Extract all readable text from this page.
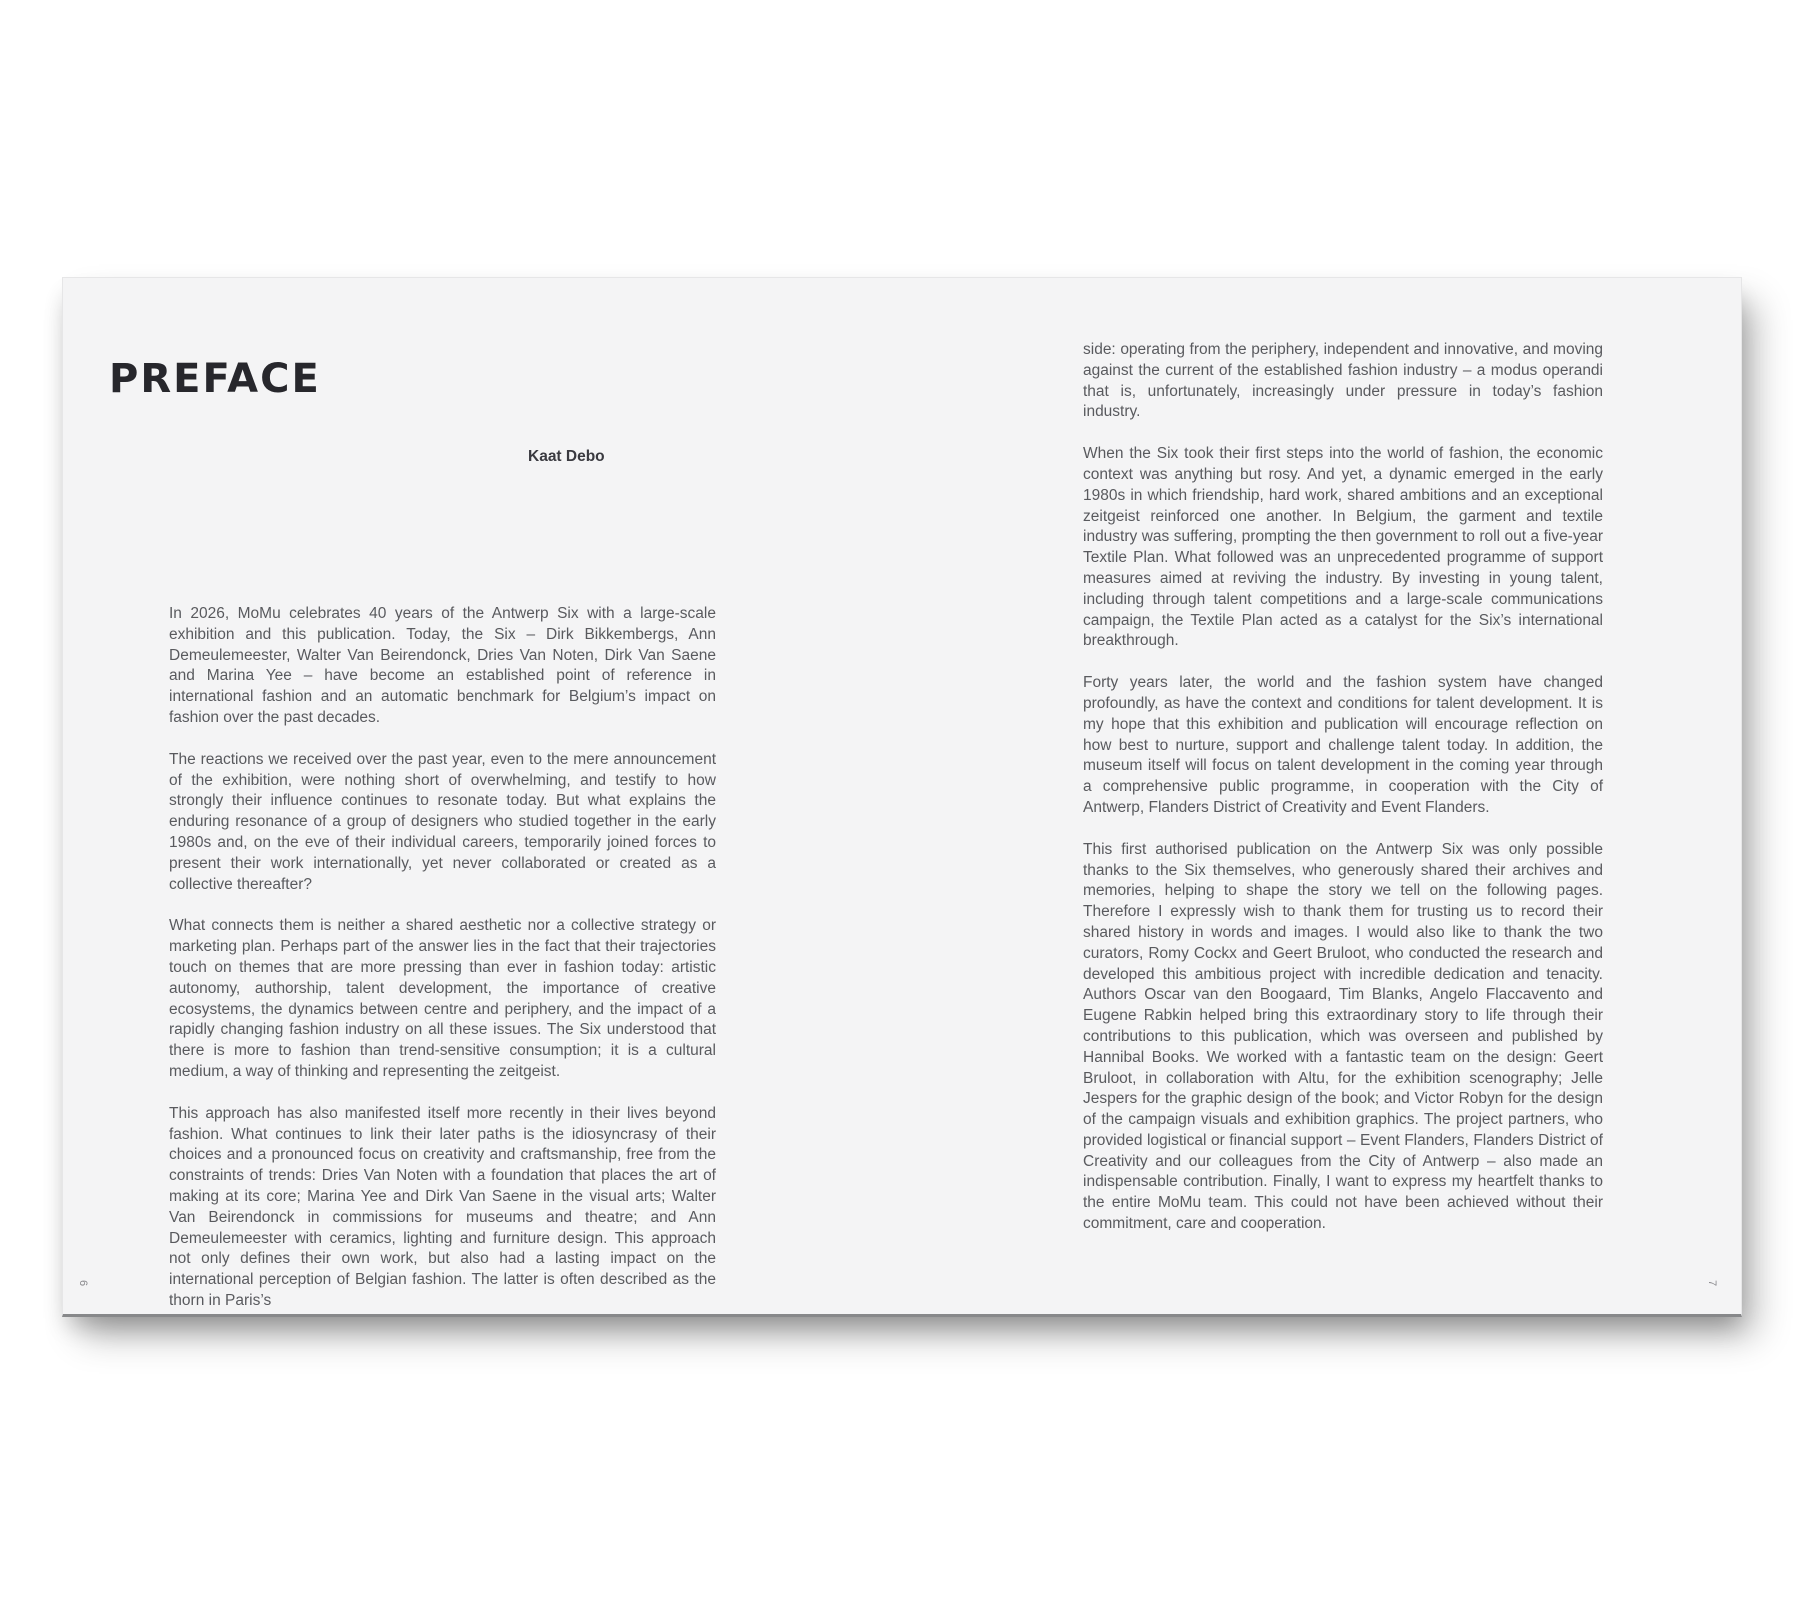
PREFACE
Kaat Debo

In 2026, MoMu celebrates 40 years of the Antwerp Six with a large-scale exhibition and this publication. Today, the Six – Dirk Bikkembergs, Ann Demeulemeester, Walter Van Beirendonck, Dries Van Noten, Dirk Van Saene and Marina Yee – have become an established point of reference in international fashion and an automatic benchmark for Belgium’s impact on fashion over the past decades.

The reactions we received over the past year, even to the mere announcement of the exhibition, were nothing short of overwhelming, and testify to how strongly their influence continues to resonate today. But what explains the enduring resonance of a group of designers who studied together in the early 1980s and, on the eve of their individual careers, temporarily joined forces to present their work internationally, yet never collaborated or created as a collective thereafter?

What connects them is neither a shared aesthetic nor a collective strategy or marketing plan. Perhaps part of the answer lies in the fact that their trajectories touch on themes that are more pressing than ever in fashion today: artistic autonomy, authorship, talent development, the importance of creative ecosystems, the dynamics between centre and periphery, and the impact of a rapidly changing fashion industry on all these issues. The Six understood that there is more to fashion than trend-sensitive consumption; it is a cultural medium, a way of thinking and representing the zeitgeist.

This approach has also manifested itself more recently in their lives beyond fashion. What continues to link their later paths is the idiosyncrasy of their choices and a pronounced focus on creativity and craftsmanship, free from the constraints of trends: Dries Van Noten with a foundation that places the art of making at its core; Marina Yee and Dirk Van Saene in the visual arts; Walter Van Beirendonck in commissions for museums and theatre; and Ann Demeulemeester with ceramics, lighting and furniture design. This approach not only defines their own work, but also had a lasting impact on the international perception of Belgian fashion. The latter is often described as the thorn in Paris’s

side: operating from the periphery, independent and innovative, and moving against the current of the established fashion industry – a modus operandi that is, unfortunately, increasingly under pressure in today’s fashion industry.

When the Six took their first steps into the world of fashion, the economic context was anything but rosy. And yet, a dynamic emerged in the early 1980s in which friendship, hard work, shared ambitions and an exceptional zeitgeist reinforced one another. In Belgium, the garment and textile industry was suffering, prompting the then government to roll out a five-year Textile Plan. What followed was an unprecedented programme of support measures aimed at reviving the industry. By investing in young talent, including through talent competitions and a large-scale communications campaign, the Textile Plan acted as a catalyst for the Six’s international breakthrough.

Forty years later, the world and the fashion system have changed profoundly, as have the context and conditions for talent development. It is my hope that this exhibition and publication will encourage reflection on how best to nurture, support and challenge talent today. In addition, the museum itself will focus on talent development in the coming year through a comprehensive public programme, in cooperation with the City of Antwerp, Flanders District of Creativity and Event Flanders.

This first authorised publication on the Antwerp Six was only possible thanks to the Six themselves, who generously shared their archives and memories, helping to shape the story we tell on the following pages. Therefore I expressly wish to thank them for trusting us to record their shared history in words and images. I would also like to thank the two curators, Romy Cockx and Geert Bruloot, who conducted the research and developed this ambitious project with incredible dedication and tenacity. Authors Oscar van den Boogaard, Tim Blanks, Angelo Flaccavento and Eugene Rabkin helped bring this extraordinary story to life through their contributions to this publication, which was overseen and published by Hannibal Books. We worked with a fantastic team on the design: Geert Bruloot, in collaboration with Altu, for the exhibition scenography; Jelle Jespers for the graphic design of the book; and Victor Robyn for the design of the campaign visuals and exhibition graphics. The project partners, who provided logistical or financial support – Event Flanders, Flanders District of Creativity and our colleagues from the City of Antwerp – also made an indispensable contribution. Finally, I want to express my heartfelt thanks to the entire MoMu team. This could not have been achieved without their commitment, care and cooperation.

6	7
